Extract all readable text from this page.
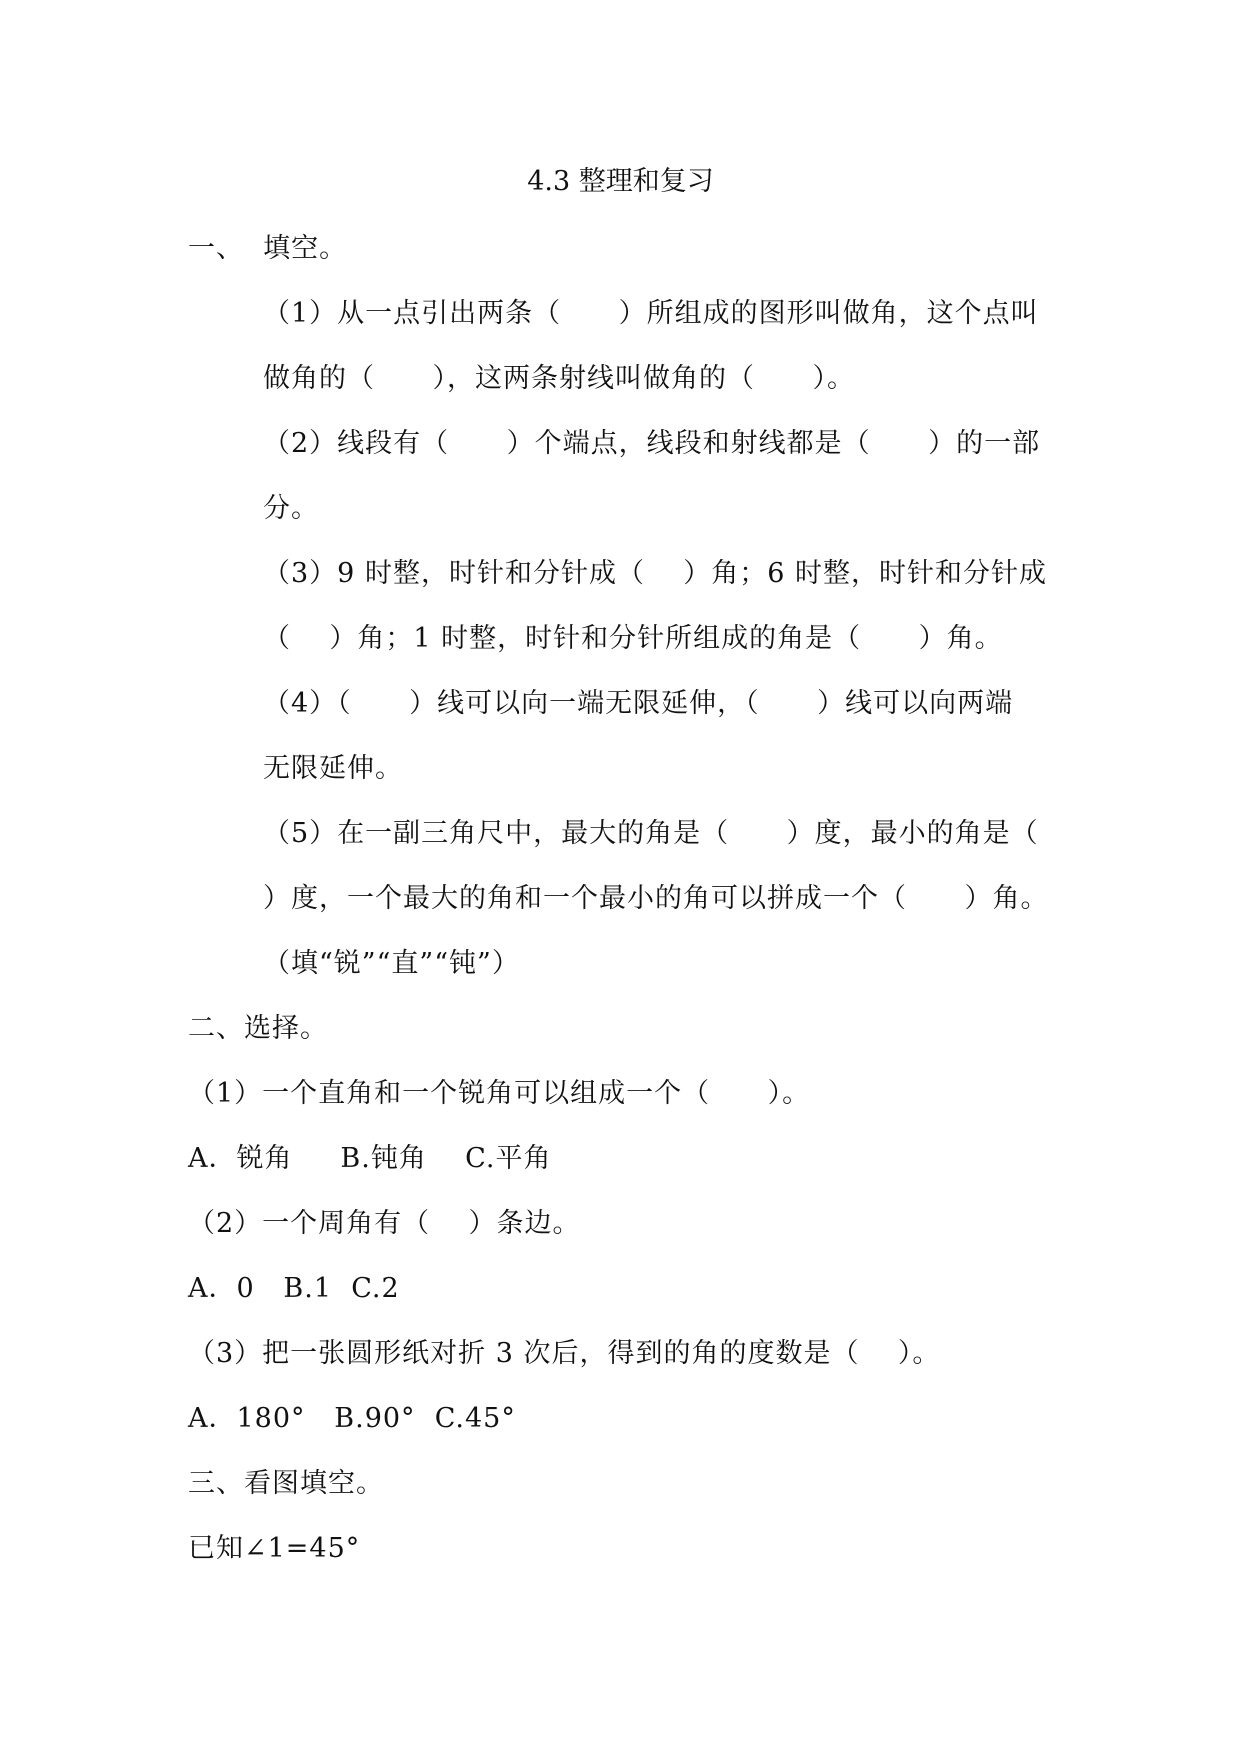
4.3 整理和复习
一、  填空。
（1）从一点引出两条（      ）所组成的图形叫做角，这个点叫
做角的（      ），这两条射线叫做角的（      ）。
（2）线段有（      ）个端点，线段和射线都是（      ）的一部
分。
（3）9 时整，时针和分针成（    ）角；6 时整，时针和分针成
（    ）角；1 时整，时针和分针所组成的角是（      ）角。
（4）（      ）线可以向一端无限延伸，（      ）线可以向两端
无限延伸。
（5）在一副三角尺中，最大的角是（      ）度，最小的角是（
）度，一个最大的角和一个最小的角可以拼成一个（      ）角。
（填“锐”“直”“钝”）
二、选择。
（1）一个直角和一个锐角可以组成一个（      ）。
A．锐角     B.钝角    C.平角
（2）一个周角有（    ）条边。
A．0   B.1  C.2
（3）把一张圆形纸对折 3 次后，得到的角的度数是（    ）。
A．180°   B.90°  C.45°
三、看图填空。
已知∠1=45°
